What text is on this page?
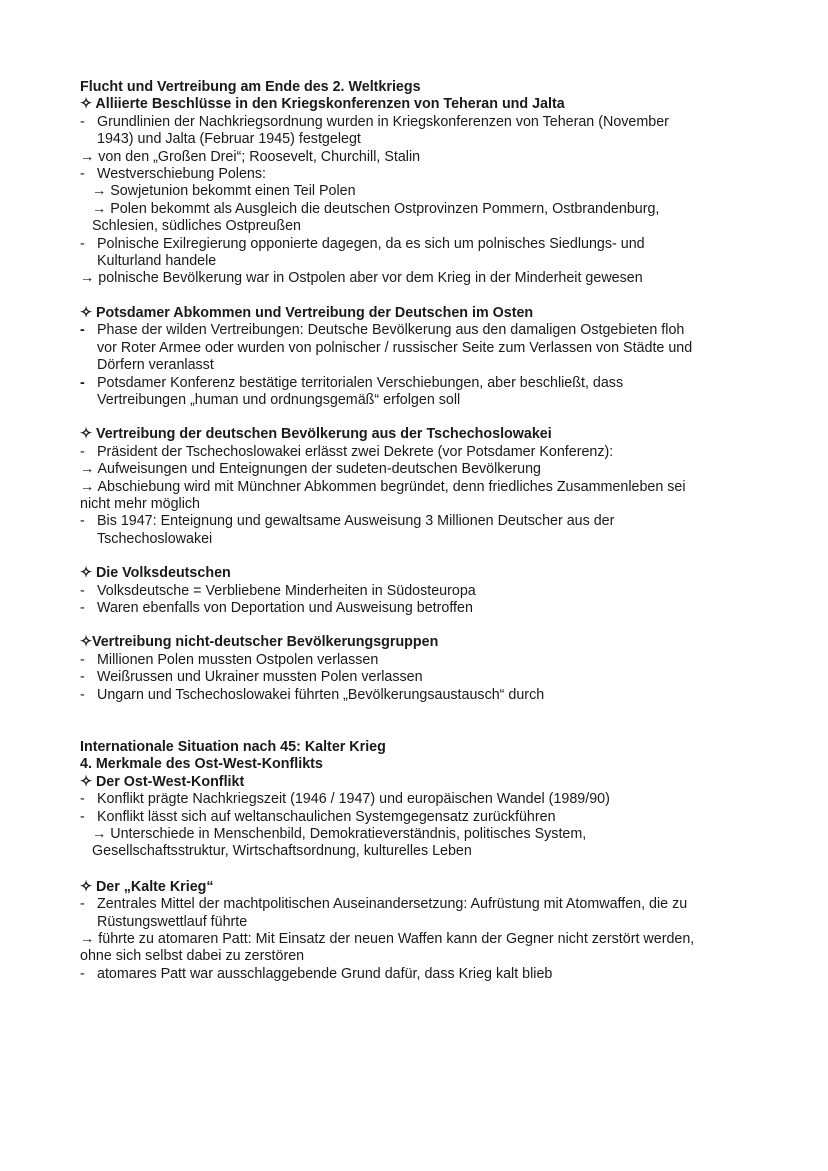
Flucht und Vertreibung am Ende des 2. Weltkriegs
✧ Alliierte Beschlüsse in den Kriegskonferenzen von Teheran und Jalta
- Grundlinien der Nachkriegsordnung wurden in Kriegskonferenzen von Teheran (November
1943) und Jalta (Februar 1945) festgelegt
→ von den „Großen Drei“; Roosevelt, Churchill, Stalin
- Westverschiebung Polens:
→ Sowjetunion bekommt einen Teil Polen
→ Polen bekommt als Ausgleich die deutschen Ostprovinzen Pommern, Ostbrandenburg,
Schlesien, südliches Ostpreußen
- Polnische Exilregierung opponierte dagegen, da es sich um polnisches Siedlungs- und
Kulturland handele
→ polnische Bevölkerung war in Ostpolen aber vor dem Krieg in der Minderheit gewesen
✧ Potsdamer Abkommen und Vertreibung der Deutschen im Osten
- Phase der wilden Vertreibungen: Deutsche Bevölkerung aus den damaligen Ostgebieten floh
vor Roter Armee oder wurden von polnischer / russischer Seite zum Verlassen von Städte und
Dörfern veranlasst
- Potsdamer Konferenz bestätige territorialen Verschiebungen, aber beschließt, dass
Vertreibungen „human und ordnungsgemäß“ erfolgen soll
✧ Vertreibung der deutschen Bevölkerung aus der Tschechoslowakei
- Präsident der Tschechoslowakei erlässt zwei Dekrete (vor Potsdamer Konferenz):
→ Aufweisungen und Enteignungen der sudeten-deutschen Bevölkerung
→ Abschiebung wird mit Münchner Abkommen begründet, denn friedliches Zusammenleben sei
nicht mehr möglich
- Bis 1947: Enteignung und gewaltsame Ausweisung 3 Millionen Deutscher aus der
Tschechoslowakei
✧ Die Volksdeutschen
- Volksdeutsche = Verbliebene Minderheiten in Südosteuropa
- Waren ebenfalls von Deportation und Ausweisung betroffen
✧Vertreibung nicht-deutscher Bevölkerungsgruppen
- Millionen Polen mussten Ostpolen verlassen
- Weißrussen und Ukrainer mussten Polen verlassen
- Ungarn und Tschechoslowakei führten „Bevölkerungsaustausch“ durch
Internationale Situation nach 45: Kalter Krieg
4. Merkmale des Ost-West-Konflikts
✧ Der Ost-West-Konflikt
- Konflikt prägte Nachkriegszeit (1946 / 1947) und europäischen Wandel (1989/90)
- Konflikt lässt sich auf weltanschaulichen Systemgegensatz zurückführen
→ Unterschiede in Menschenbild, Demokratieverständnis, politisches System,
Gesellschaftsstruktur, Wirtschaftsordnung, kulturelles Leben
✧ Der „Kalte Krieg“
- Zentrales Mittel der machtpolitischen Auseinandersetzung: Aufrüstung mit Atomwaffen, die zu
Rüstungswettlauf führte
→ führte zu atomaren Patt: Mit Einsatz der neuen Waffen kann der Gegner nicht zerstört werden,
ohne sich selbst dabei zu zerstören
- atomares Patt war ausschlaggebende Grund dafür, dass Krieg kalt blieb
